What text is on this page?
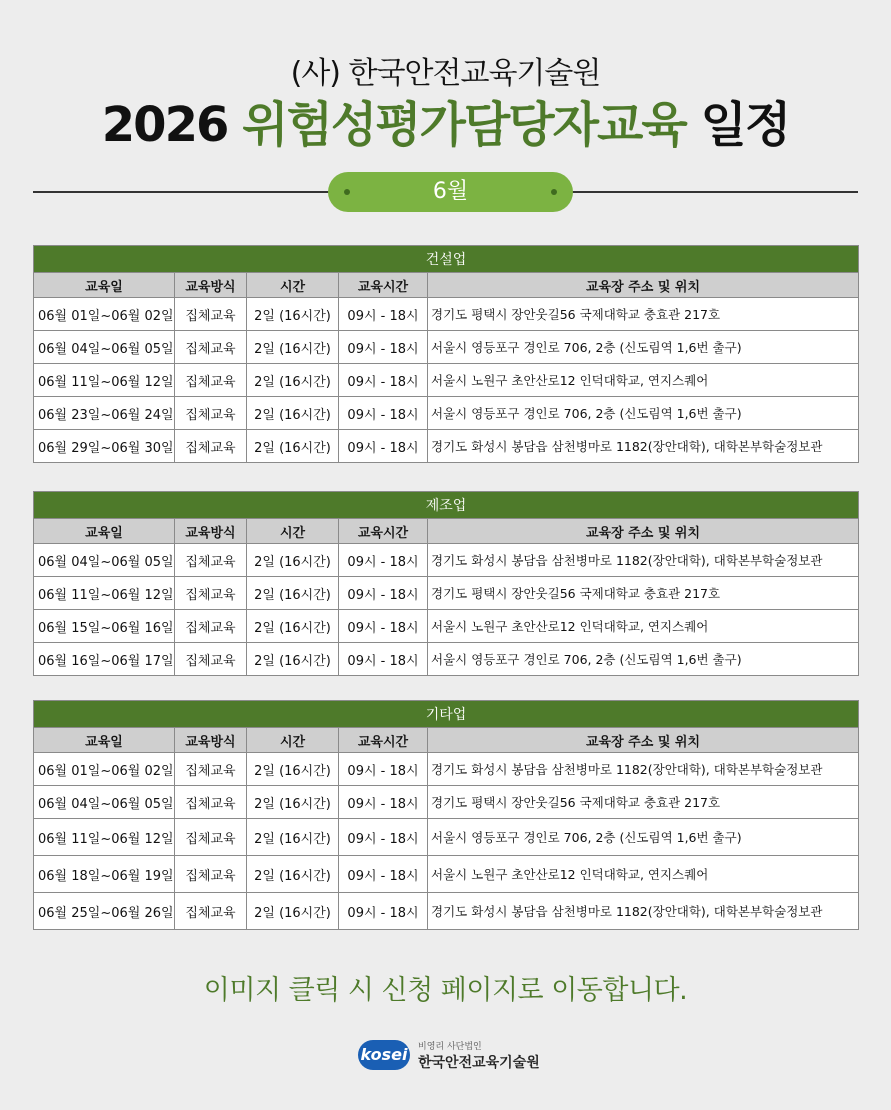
(사) 한국안전교육기술원
2026 위험성평가담당자교육 일정
6월
건설업				
교육일	교육방식	시간	교육시간	교육장 주소 및 위치
06월 01일~06월 02일	집체교육	2일 (16시간)	09시 - 18시	경기도 평택시 장안웃길56 국제대학교 충효관 217호
06월 04일~06월 05일	집체교육	2일 (16시간)	09시 - 18시	서울시 영등포구 경인로 706, 2층 (신도림역 1,6번 출구)
06월 11일~06월 12일	집체교육	2일 (16시간)	09시 - 18시	서울시 노원구 초안산로12 인덕대학교, 연지스퀘어
06월 23일~06월 24일	집체교육	2일 (16시간)	09시 - 18시	서울시 영등포구 경인로 706, 2층 (신도림역 1,6번 출구)
06월 29일~06월 30일	집체교육	2일 (16시간)	09시 - 18시	경기도 화성시 봉담읍 삼천병마로 1182(장안대학), 대학본부학술정보관
제조업				
교육일	교육방식	시간	교육시간	교육장 주소 및 위치
06월 04일~06월 05일	집체교육	2일 (16시간)	09시 - 18시	경기도 화성시 봉담읍 삼천병마로 1182(장안대학), 대학본부학술정보관
06월 11일~06월 12일	집체교육	2일 (16시간)	09시 - 18시	경기도 평택시 장안웃길56 국제대학교 충효관 217호
06월 15일~06월 16일	집체교육	2일 (16시간)	09시 - 18시	서울시 노원구 초안산로12 인덕대학교, 연지스퀘어
06월 16일~06월 17일	집체교육	2일 (16시간)	09시 - 18시	서울시 영등포구 경인로 706, 2층 (신도림역 1,6번 출구)
기타업				
교육일	교육방식	시간	교육시간	교육장 주소 및 위치
06월 01일~06월 02일	집체교육	2일 (16시간)	09시 - 18시	경기도 화성시 봉담읍 삼천병마로 1182(장안대학), 대학본부학술정보관
06월 04일~06월 05일	집체교육	2일 (16시간)	09시 - 18시	경기도 평택시 장안웃길56 국제대학교 충효관 217호
06월 11일~06월 12일	집체교육	2일 (16시간)	09시 - 18시	서울시 영등포구 경인로 706, 2층 (신도림역 1,6번 출구)
06월 18일~06월 19일	집체교육	2일 (16시간)	09시 - 18시	서울시 노원구 초안산로12 인덕대학교, 연지스퀘어
06월 25일~06월 26일	집체교육	2일 (16시간)	09시 - 18시	경기도 화성시 봉담읍 삼천병마로 1182(장안대학), 대학본부학술정보관
이미지 클릭 시 신청 페이지로 이동합니다.
kosei 비영리 사단법인
한국안전교육기술원
